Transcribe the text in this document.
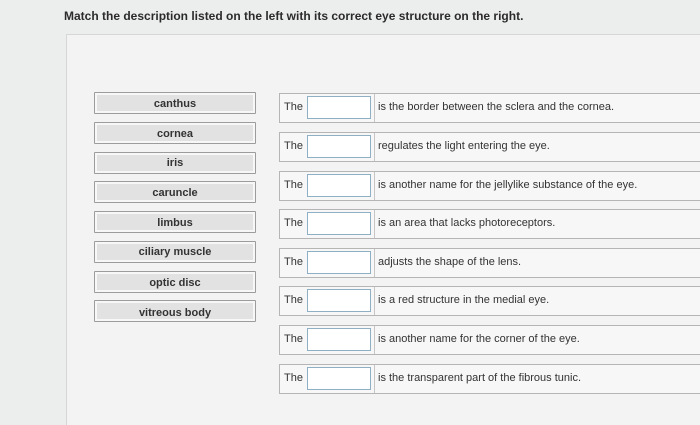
Match the description listed on the left with its correct eye structure on the right.
canthus
cornea
iris
caruncle
limbus
ciliary muscle
optic disc
vitreous body
The	is the border between the sclera and the cornea.
The	regulates the light entering the eye.
The	is another name for the jellylike substance of the eye.
The	is an area that lacks photoreceptors.
The	adjusts the shape of the lens.
The	is a red structure in the medial eye.
The	is another name for the corner of the eye.
The	is the transparent part of the fibrous tunic.
